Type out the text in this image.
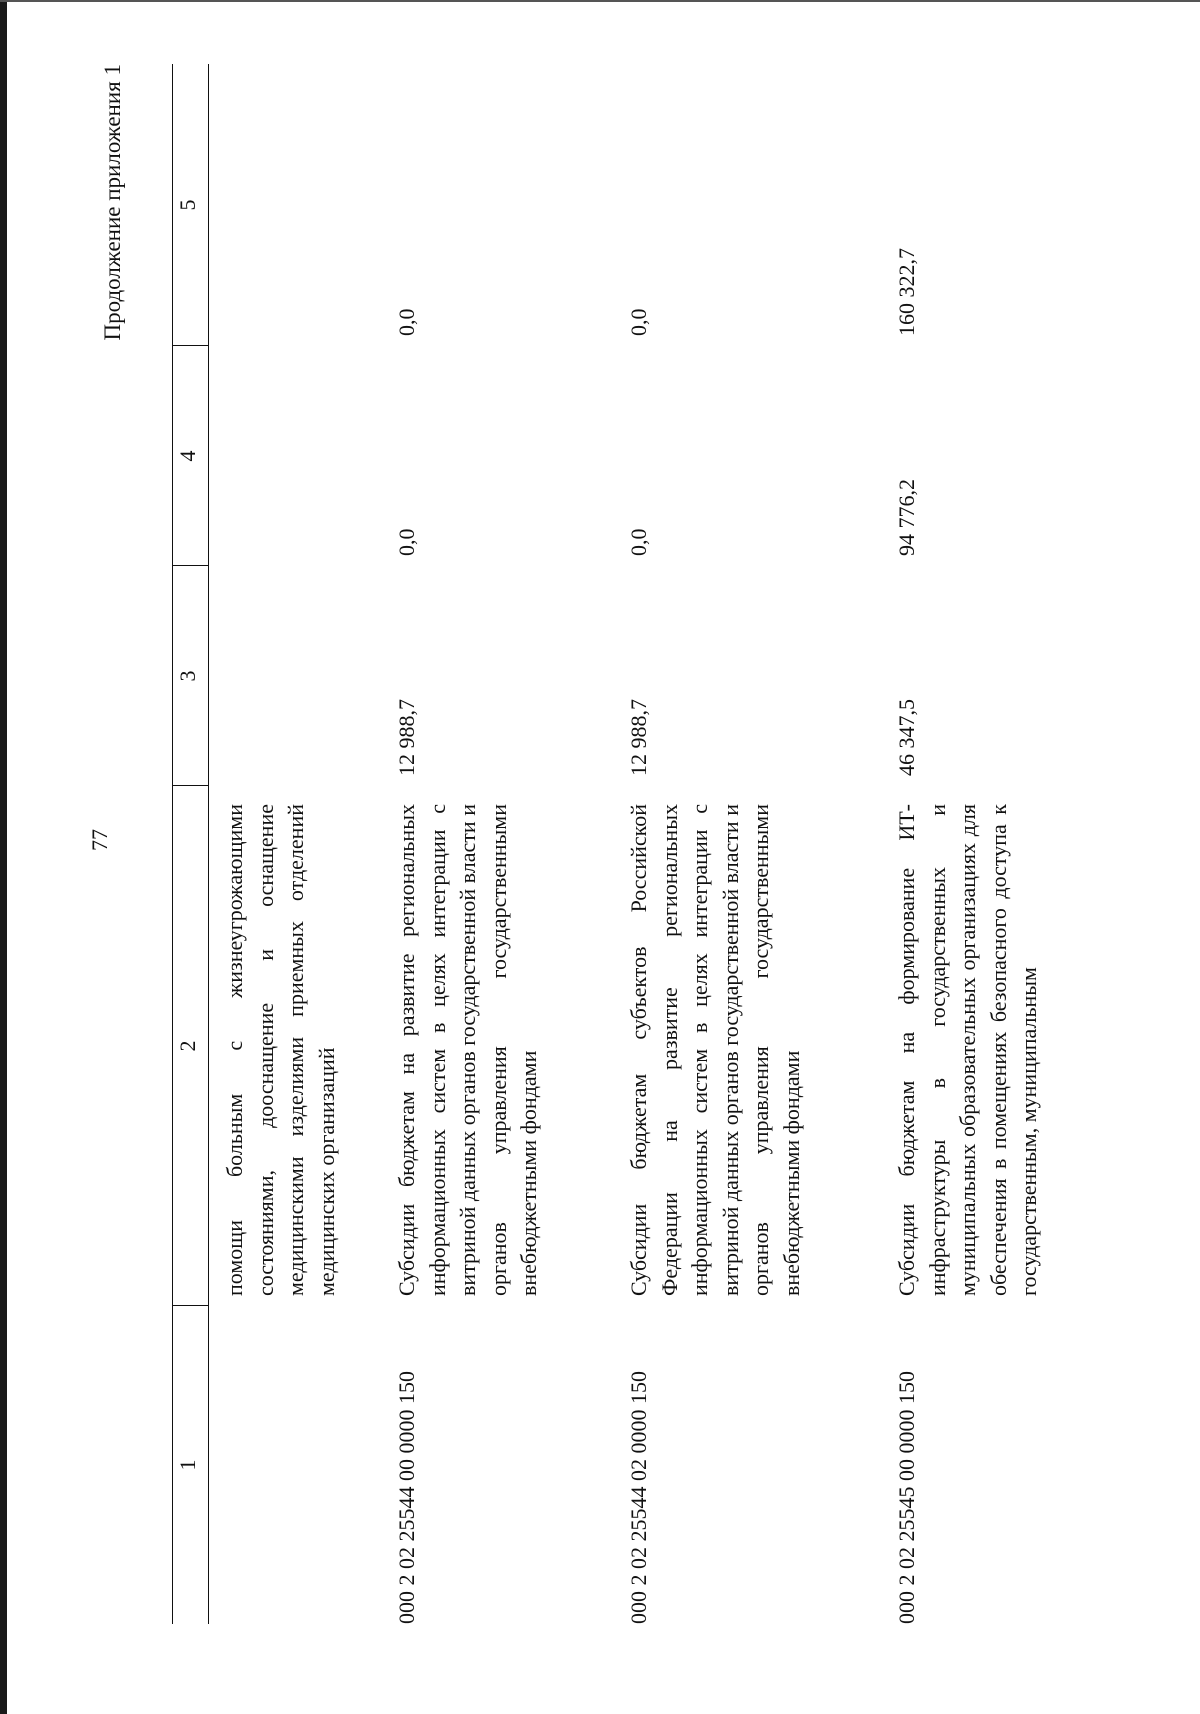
77
Продолжение приложения 1
1
2
3
4
5
помощи больным с жизнеугрожающими состояниями, дооснащение и оснащение медицинскими изделиями приемных отделений медицинских организаций
000 2 02 25544 00 0000 150
Субсидии бюджетам на развитие региональных информационных систем в целях интеграции с витриной данных органов государственной власти и органов управления государственными внебюджетными фондами
12 988,7
0,0
0,0
000 2 02 25544 02 0000 150
Субсидии бюджетам субъектов Российской Федерации на развитие региональных информационных систем в целях интеграции с витриной данных органов государственной власти и органов управления государственными внебюджетными фондами
12 988,7
0,0
0,0
000 2 02 25545 00 0000 150
Субсидии бюджетам на формирование ИТ-инфраструктуры в государственных и муниципальных образовательных организациях для обеспечения в помещениях безопасного доступа к государственным, муниципальным
46 347,5
94 776,2
160 322,7
